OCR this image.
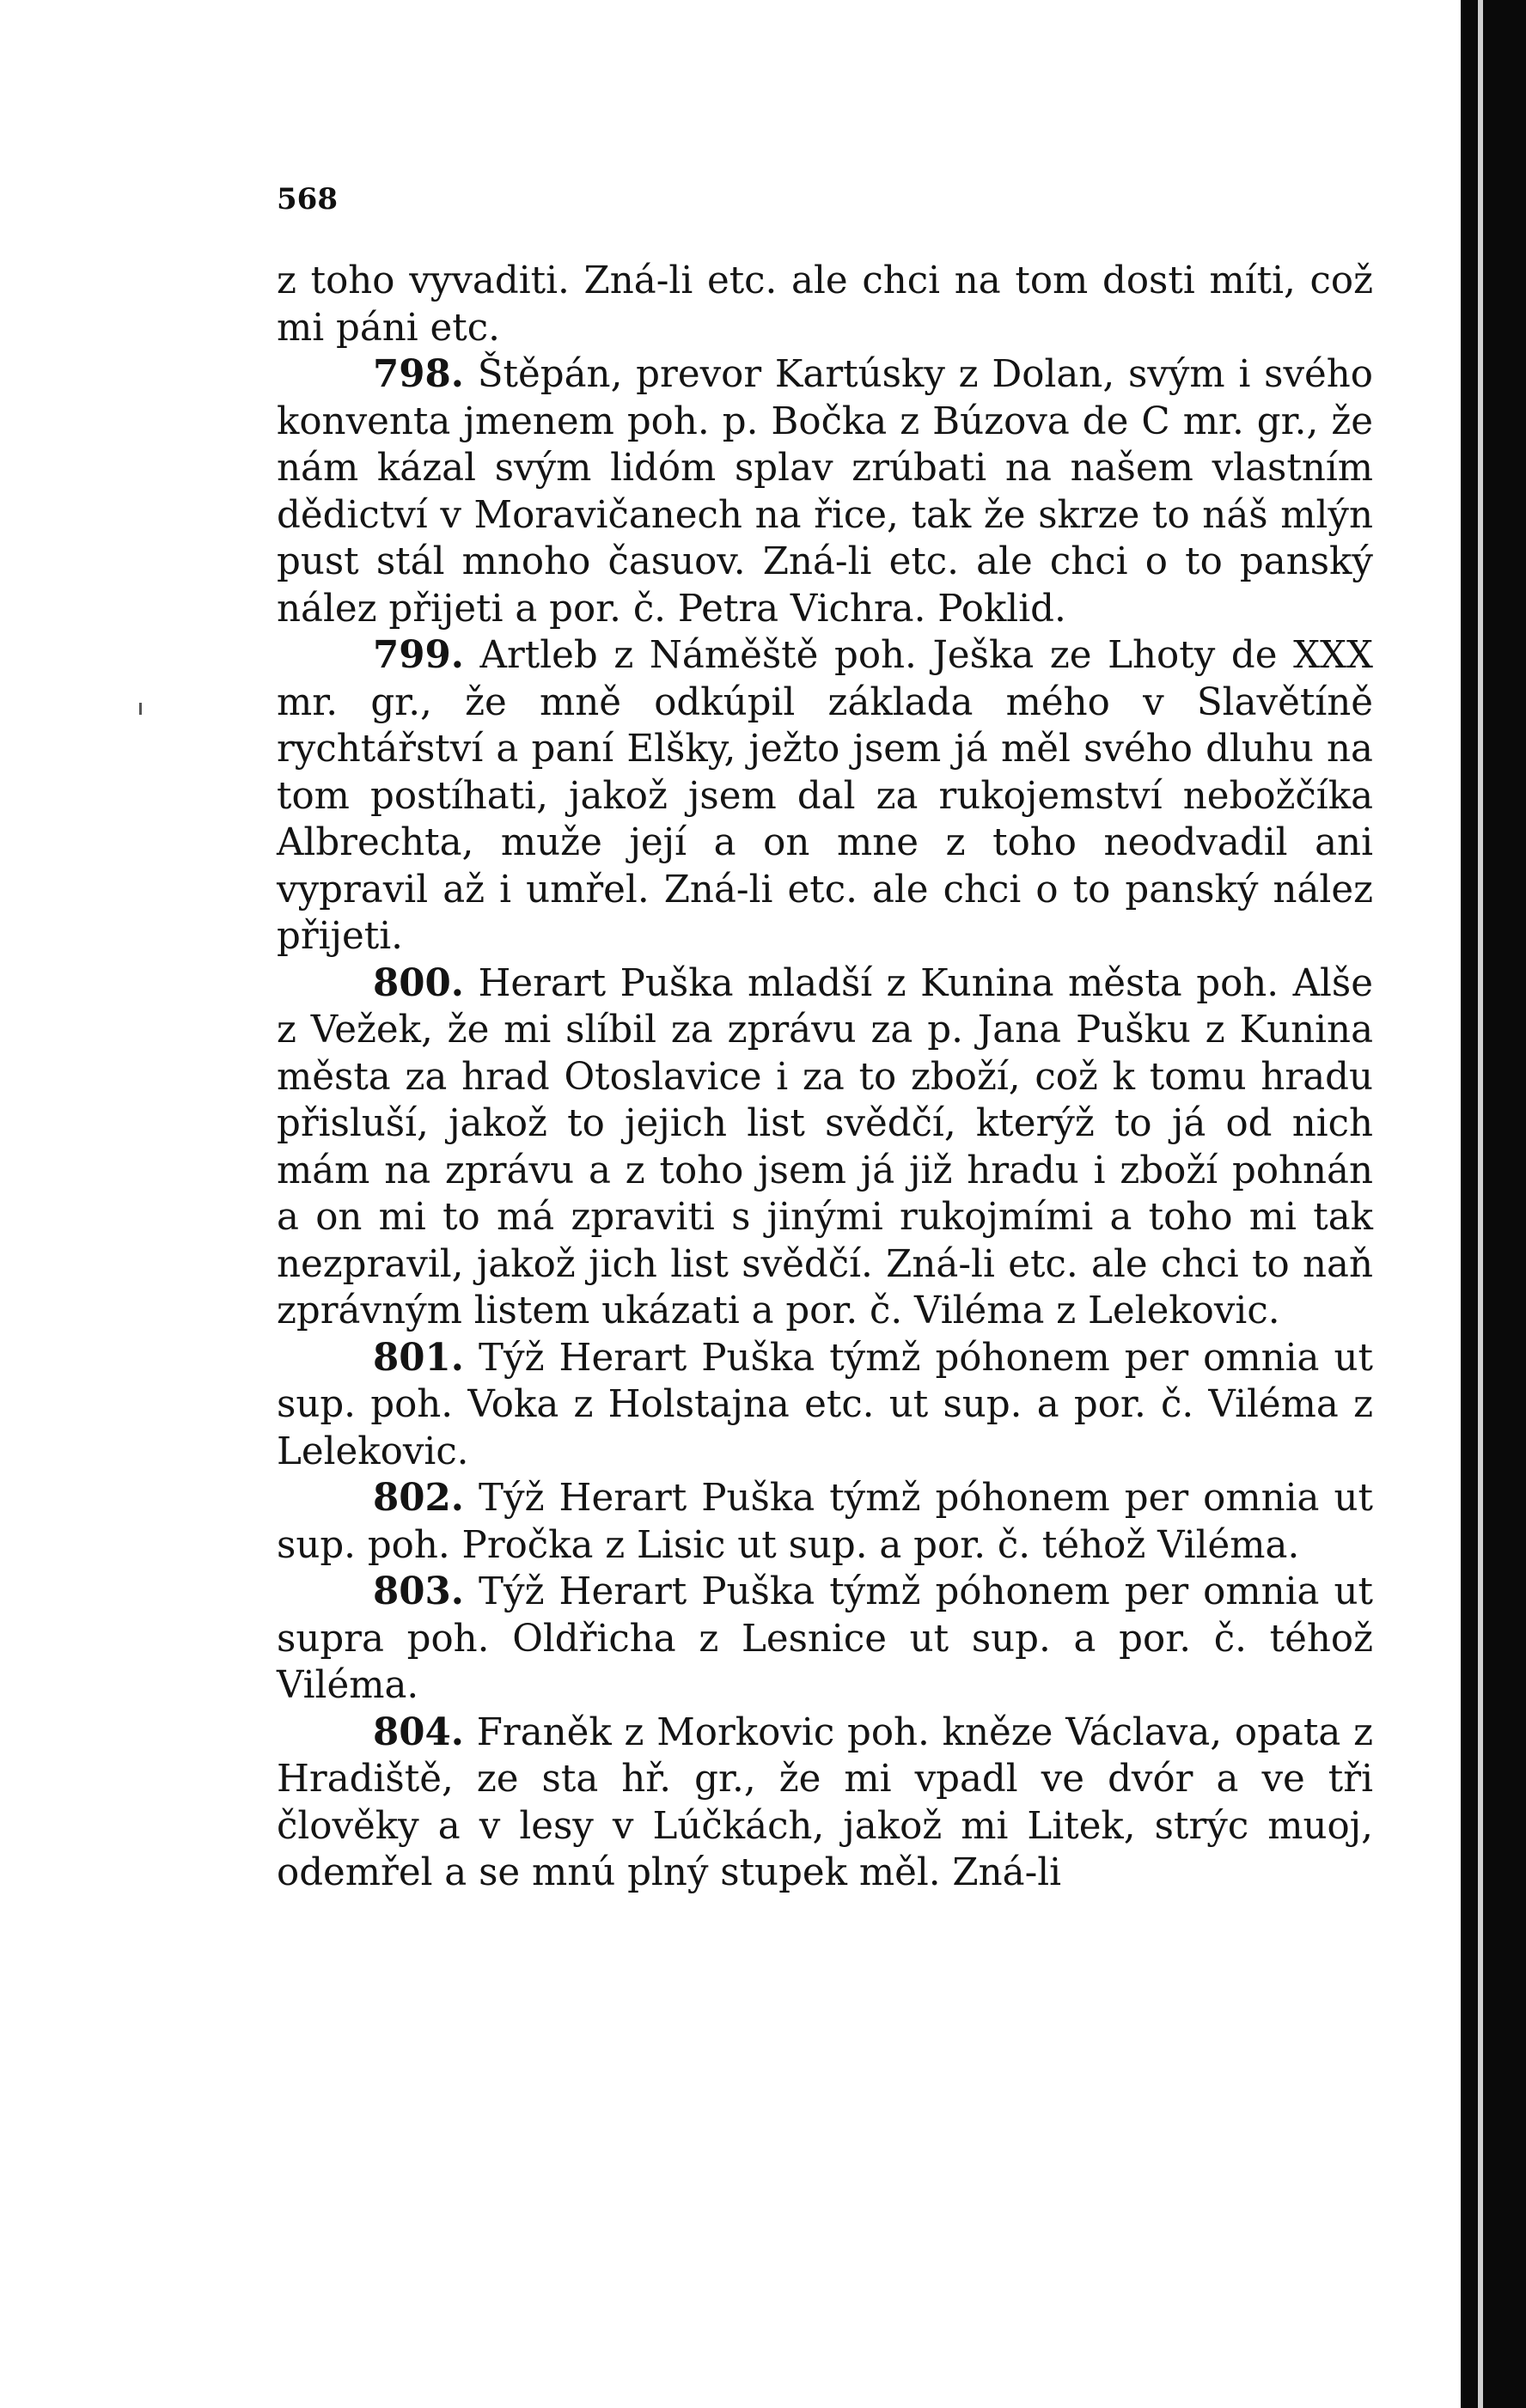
568

z toho vyvaditi. Zná-li etc. ale chci na tom dosti míti, což mi páni etc.

798. Štěpán, prevor Kartúsky z Dolan, svým i svého konventa jmenem poh. p. Bočka z Búzova de C mr. gr., že nám kázal svým lidóm splav zrúbati na našem vlastním dědictví v Moravičanech na řice, tak že skrze to náš mlýn pust stál mnoho časuov. Zná-li etc. ale chci o to panský nález přijeti a por. č. Petra Vichra. Poklid.

799. Artleb z Náměště poh. Ješka ze Lhoty de XXX mr. gr., že mně odkúpil základa mého v Slavětíně rychtářství a paní Elšky, ježto jsem já měl svého dluhu na tom postíhati, jakož jsem dal za rukojemství nebožčíka Albrechta, muže její a on mne z toho neodvadil ani vypravil až i umřel. Zná-li etc. ale chci o to panský nález přijeti.

800. Herart Puška mladší z Kunina města poh. Alše z Vežek, že mi slíbil za zprávu za p. Jana Pušku z Kunina města za hrad Otoslavice i za to zboží, což k tomu hradu přisluší, jakož to jejich list svědčí, kterýž to já od nich mám na zprávu a z toho jsem já již hradu i zboží pohnán a on mi to má zpraviti s jinými rukojmími a toho mi tak nezpravil, jakož jich list svědčí. Zná-li etc. ale chci to naň zprávným listem ukázati a por. č. Viléma z Lelekovic.

801. Týž Herart Puška týmž póhonem per omnia ut sup. poh. Voka z Holstajna etc. ut sup. a por. č. Viléma z Lelekovic.

802. Týž Herart Puška týmž póhonem per omnia ut sup. poh. Pročka z Lisic ut sup. a por. č. téhož Viléma.

803. Týž Herart Puška týmž póhonem per omnia ut supra poh. Oldřicha z Lesnice ut sup. a por. č. téhož Viléma.

804. Franěk z Morkovic poh. kněze Václava, opata z Hradiště, ze sta hř. gr., že mi vpadl ve dvór a ve tři člověky a v lesy v Lúčkách, jakož mi Litek, strýc muoj, odemřel a se mnú plný stupek měl. Zná-li
